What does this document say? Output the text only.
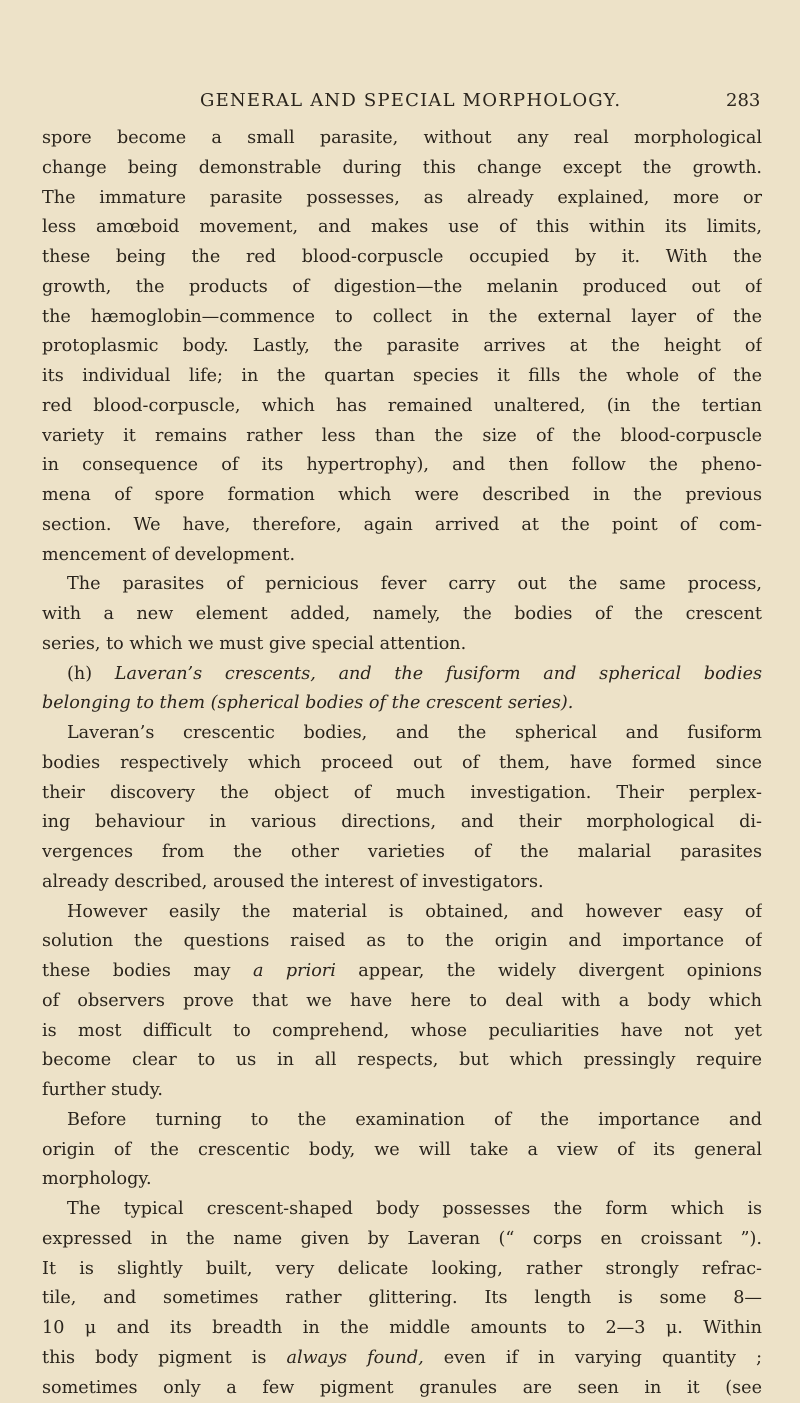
GENERAL AND SPECIAL MORPHOLOGY.	283
spore become a small parasite, without any real morphological
change being demonstrable during this change except the growth.
The immature parasite possesses, as already explained, more or
less amœboid movement, and makes use of this within its limits,
these being the red blood-corpuscle occupied by it. With the
growth, the products of digestion—the melanin produced out of
the hæmoglobin—commence to collect in the external layer of the
protoplasmic body. Lastly, the parasite arrives at the height of
its individual life; in the quartan species it fills the whole of the
red blood-corpuscle, which has remained unaltered, (in the tertian
variety it remains rather less than the size of the blood-corpuscle
in consequence of its hypertrophy), and then follow the pheno-
mena of spore formation which were described in the previous
section. We have, therefore, again arrived at the point of com-
mencement of development.
The parasites of pernicious fever carry out the same process,
with a new element added, namely, the bodies of the crescent
series, to which we must give special attention.
(h) Laveran’s crescents, and the fusiform and spherical bodies
belonging to them (spherical bodies of the crescent series).
Laveran’s crescentic bodies, and the spherical and fusiform
bodies respectively which proceed out of them, have formed since
their discovery the object of much investigation. Their perplex-
ing behaviour in various directions, and their morphological di-
vergences from the other varieties of the malarial parasites
already described, aroused the interest of investigators.
However easily the material is obtained, and however easy of
solution the questions raised as to the origin and importance of
these bodies may a priori appear, the widely divergent opinions
of observers prove that we have here to deal with a body which
is most difficult to comprehend, whose peculiarities have not yet
become clear to us in all respects, but which pressingly require
further study.
Before turning to the examination of the importance and
origin of the crescentic body, we will take a view of its general
morphology.
The typical crescent-shaped body possesses the form which is
expressed in the name given by Laveran (“ corps en croissant ”).
It is slightly built, very delicate looking, rather strongly refrac-
tile, and sometimes rather glittering. Its length is some 8—
10 μ and its breadth in the middle amounts to 2—3 μ. Within
this body pigment is always found, even if in varying quantity ;
sometimes only a few pigment granules are seen in it (see
